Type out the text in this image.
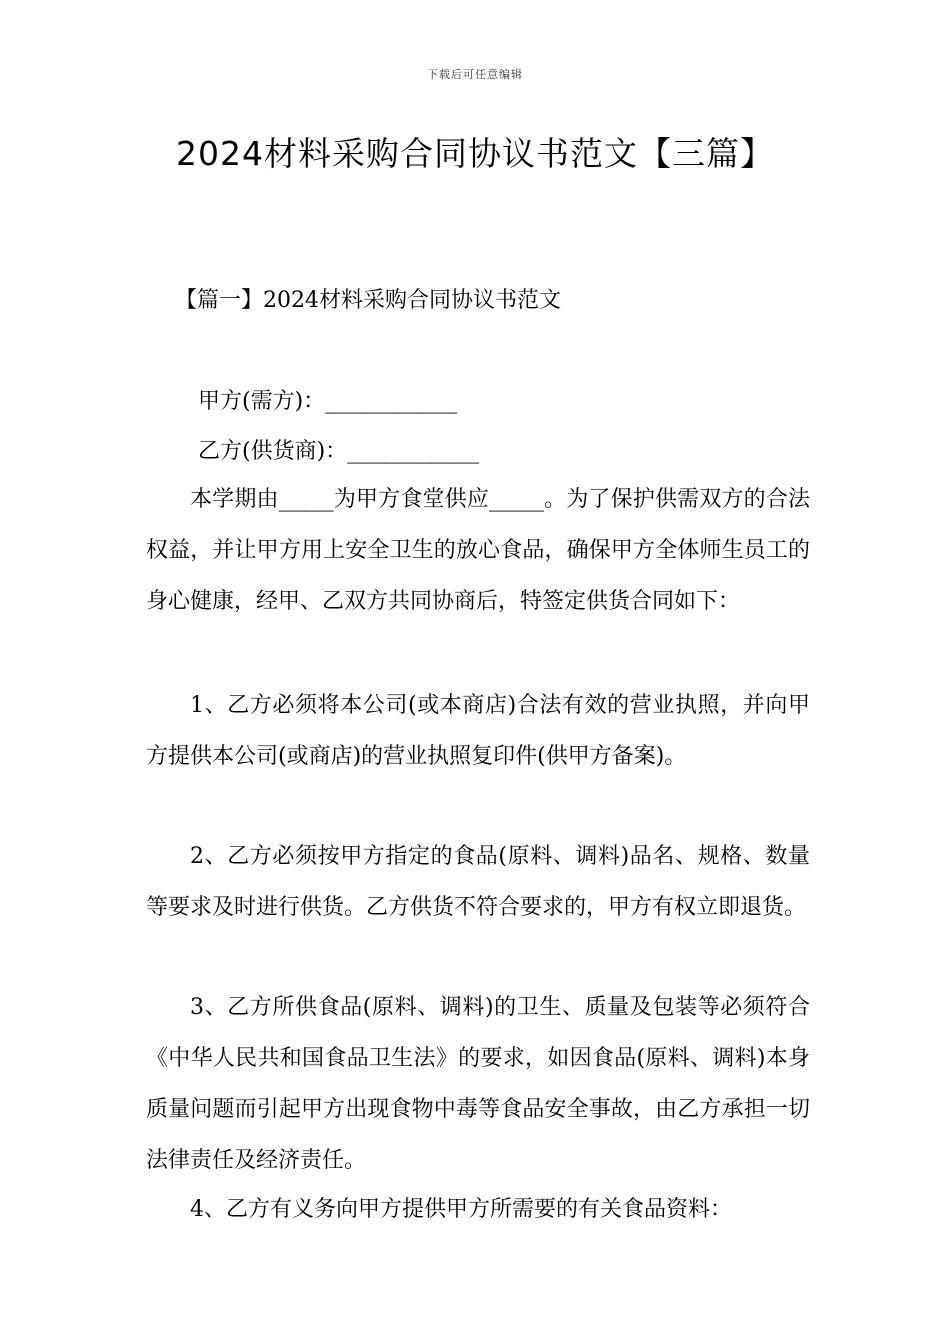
下载后可任意编辑
2024材料采购合同协议书范文【三篇】
【篇一】2024材料采购合同协议书范文
甲方(需方)：____________
乙方(供货商)：____________

本学期由_____为甲方食堂供应_____。为了保护供需双方的合法权益，并让甲方用上安全卫生的放心食品，确保甲方全体师生员工的身心健康，经甲、乙双方共同协商后，特签定供货合同如下：

1、乙方必须将本公司(或本商店)合法有效的营业执照，并向甲方提供本公司(或商店)的营业执照复印件(供甲方备案)。

2、乙方必须按甲方指定的食品(原料、调料)品名、规格、数量等要求及时进行供货。乙方供货不符合要求的，甲方有权立即退货。

3、乙方所供食品(原料、调料)的卫生、质量及包装等必须符合《中华人民共和国食品卫生法》的要求，如因食品(原料、调料)本身质量问题而引起甲方出现食物中毒等食品安全事故，由乙方承担一切法律责任及经济责任。

4、乙方有义务向甲方提供甲方所需要的有关食品资料：
